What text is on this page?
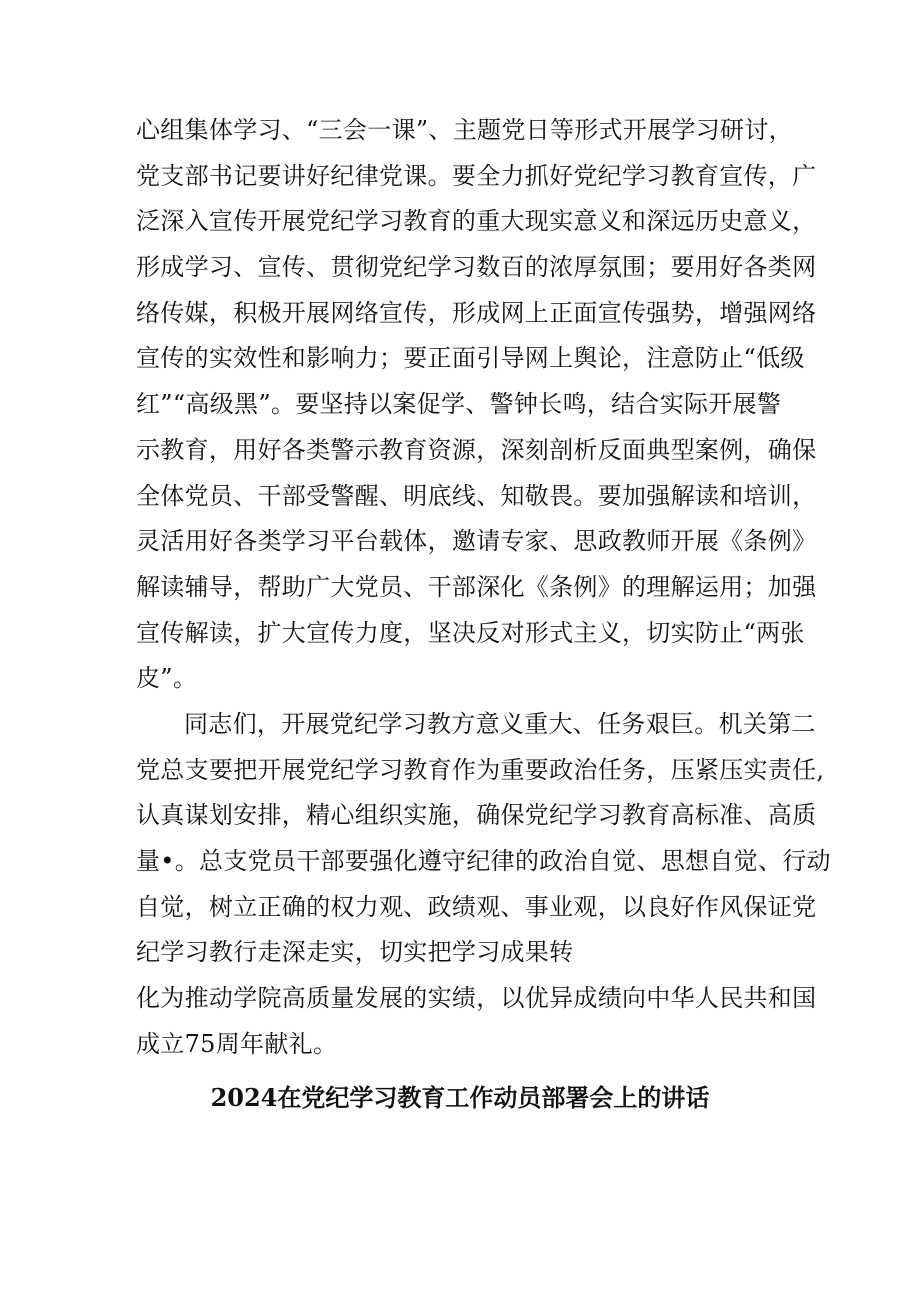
心组集体学习、“三会一课”、主题党日等形式开展学习研讨，
党支部书记要讲好纪律党课。要全力抓好党纪学习教育宣传，广
泛深入宣传开展党纪学习教育的重大现实意义和深远历史意义，
形成学习、宣传、贯彻党纪学习数百的浓厚氛围；要用好各类网
络传媒，积极开展网络宣传，形成网上正面宣传强势，增强网络
宣传的实效性和影响力；要正面引导网上舆论，注意防止“低级
红”“高级黑”。要坚持以案促学、警钟长鸣，结合实际开展警
示教育，用好各类警示教育资源，深刻剖析反面典型案例，确保
全体党员、干部受警醒、明底线、知敬畏。要加强解读和培训，
灵活用好各类学习平台载体，邀请专家、思政教师开展《条例》
解读辅导，帮助广大党员、干部深化《条例》的理解运用；加强
宣传解读，扩大宣传力度，坚决反对形式主义，切实防止“两张
皮”。
同志们，开展党纪学习教方意义重大、任务艰巨。机关第二
党总支要把开展党纪学习教育作为重要政治任务，压紧压实责任,
认真谋划安排，精心组织实施，确保党纪学习教育高标准、高质
量•。总支党员干部要强化遵守纪律的政治自觉、思想自觉、行动
自觉，树立正确的权力观、政绩观、事业观，以良好作风保证党
纪学习教行走深走实，切实把学习成果转
化为推动学院高质量发展的实绩，以优异成绩向中华人民共和国
成立75周年献礼。
2024在党纪学习教育工作动员部署会上的讲话
